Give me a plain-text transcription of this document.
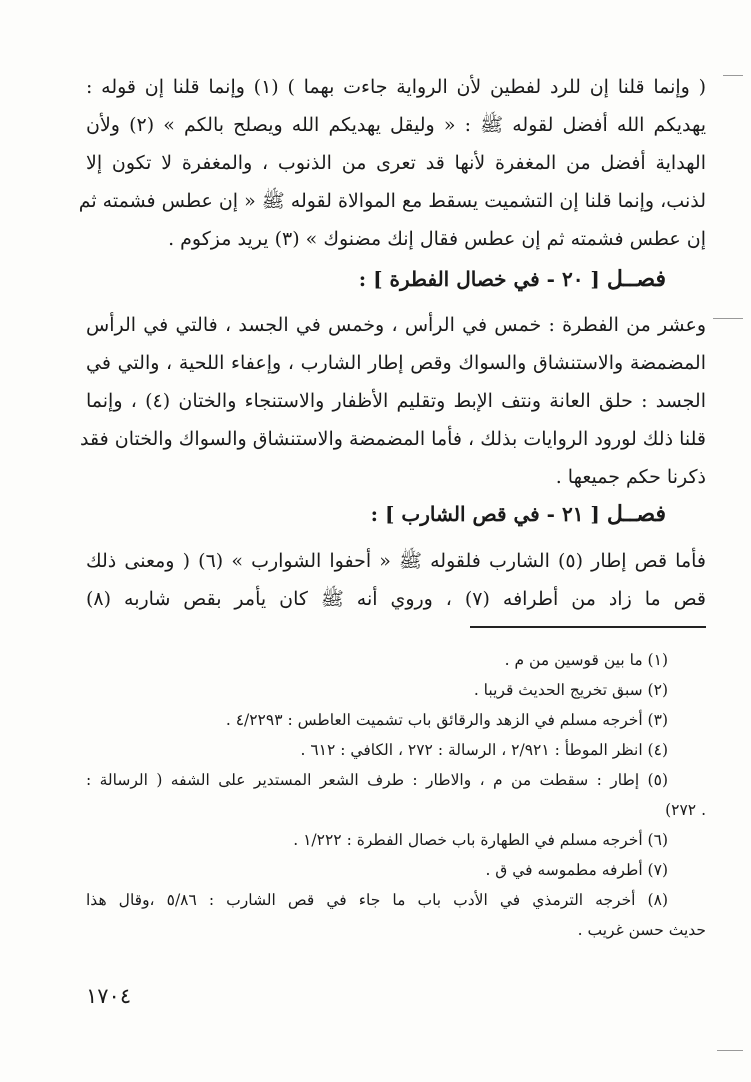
( وإنما قلنا إن للرد لفطين لأن الرواية جاءت بهما ) (١) وإنما قلنا إن قوله :
يهديكم الله أفضل لقوله ﷺ : « وليقل يهديكم الله ويصلح بالكم » (٢) ولأن
الهداية أفضل من المغفرة لأنها قد تعرى من الذنوب ، والمغفرة لا تكون إلا
لذنب، وإنما قلنا إن التشميت يسقط مع الموالاة لقوله ﷺ « إن عطس فشمته ثم
إن عطس فشمته ثم إن عطس فقال إنك مضنوك » (٣) يريد مزكوم .
فصــل [ ٢٠ - في خصال الفطرة ] :
وعشر من الفطرة : خمس في الرأس ، وخمس في الجسد ، فالتي في الرأس
المضمضة والاستنشاق والسواك وقص إطار الشارب ، وإعفاء اللحية ، والتي في
الجسد : حلق العانة ونتف الإبط وتقليم الأظفار والاستنجاء والختان (٤) ، وإنما
قلنا ذلك لورود الروايات بذلك ، فأما المضمضة والاستنشاق والسواك والختان فقد
ذكرنا حكم جميعها .
فصــل [ ٢١ - في قص الشارب ] :
فأما قص إطار (٥) الشارب فلقوله ﷺ « أحفوا الشوارب » (٦) ( ومعنى ذلك
قص ما زاد من أطرافه (٧) ، وروي أنه ﷺ كان يأمر بقص شاربه (٨)
(١) ما بين قوسين من م .
(٢) سبق تخريج الحديث قريبا .
(٣) أخرجه مسلم في الزهد والرقائق باب تشميت العاطس : ٤/٢٢٩٣ .
(٤) انظر الموطأ : ٢/٩٢١ ، الرسالة : ٢٧٢ ، الكافي : ٦١٢ .
(٥) إطار : سقطت من م ، والاطار : طرف الشعر المستدير على الشفه ( الرسالة :
. ٢٧٢)
(٦) أخرجه مسلم في الطهارة باب خصال الفطرة : ١/٢٢٢ .
(٧) أطرفه مطموسه في ق .
(٨) أخرجه الترمذي في الأدب باب ما جاء في قص الشارب : ٥/٨٦ ،وقال هذا
حديث حسن غريب .
١٧٠٤
